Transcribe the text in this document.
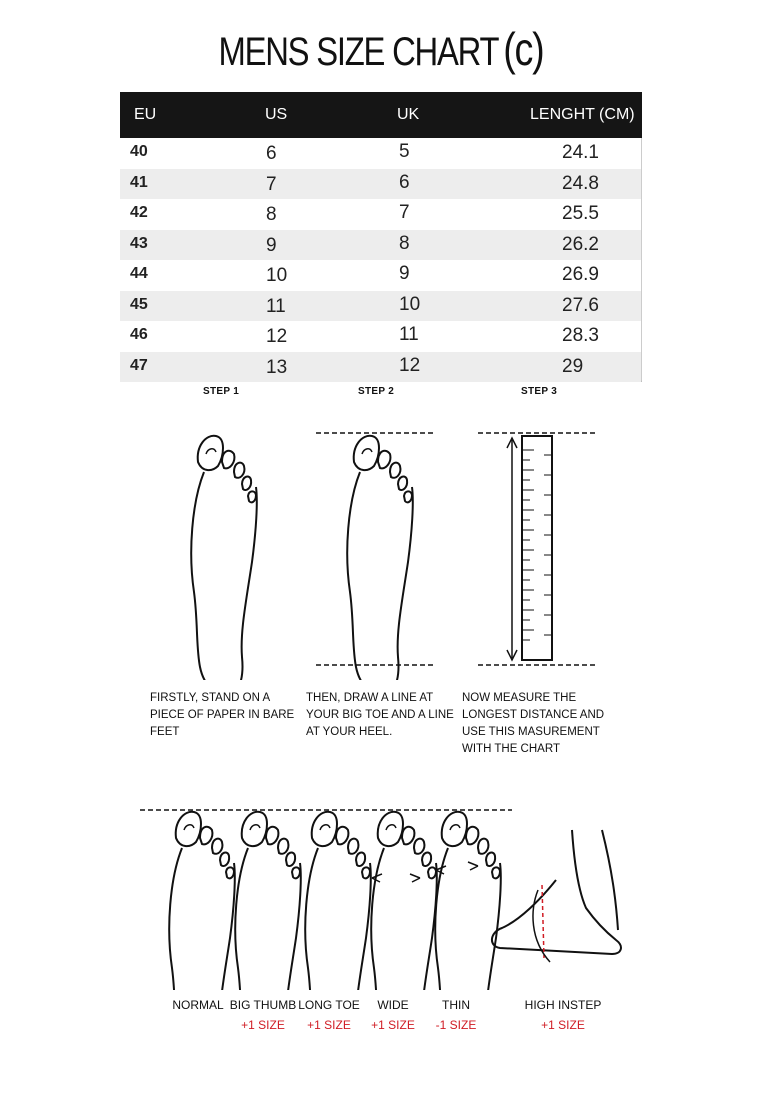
MENS SIZE CHART (c)
EU	US	UK	LENGHT (CM)
40	6	5	24.1
41	7	6	24.8
42	8	7	25.5
43	9	8	26.2
44	10	9	26.9
45	11	10	27.6
46	12	11	28.3
47	13	12	29
STEP 1	STEP 2	STEP 3
FIRSTLY, STAND ON A PIECE OF PAPER IN BARE FEET
THEN, DRAW A LINE AT YOUR BIG TOE AND A LINE AT YOUR HEEL.
NOW MEASURE THE LONGEST DISTANCE AND USE THIS MASUREMENT WITH THE CHART
NORMAL BIG THUMB
+1 SIZE
LONG TOE
+1 SIZE
WIDE
+1 SIZE
THIN
-1 SIZE
HIGH INSTEP
+1 SIZE
